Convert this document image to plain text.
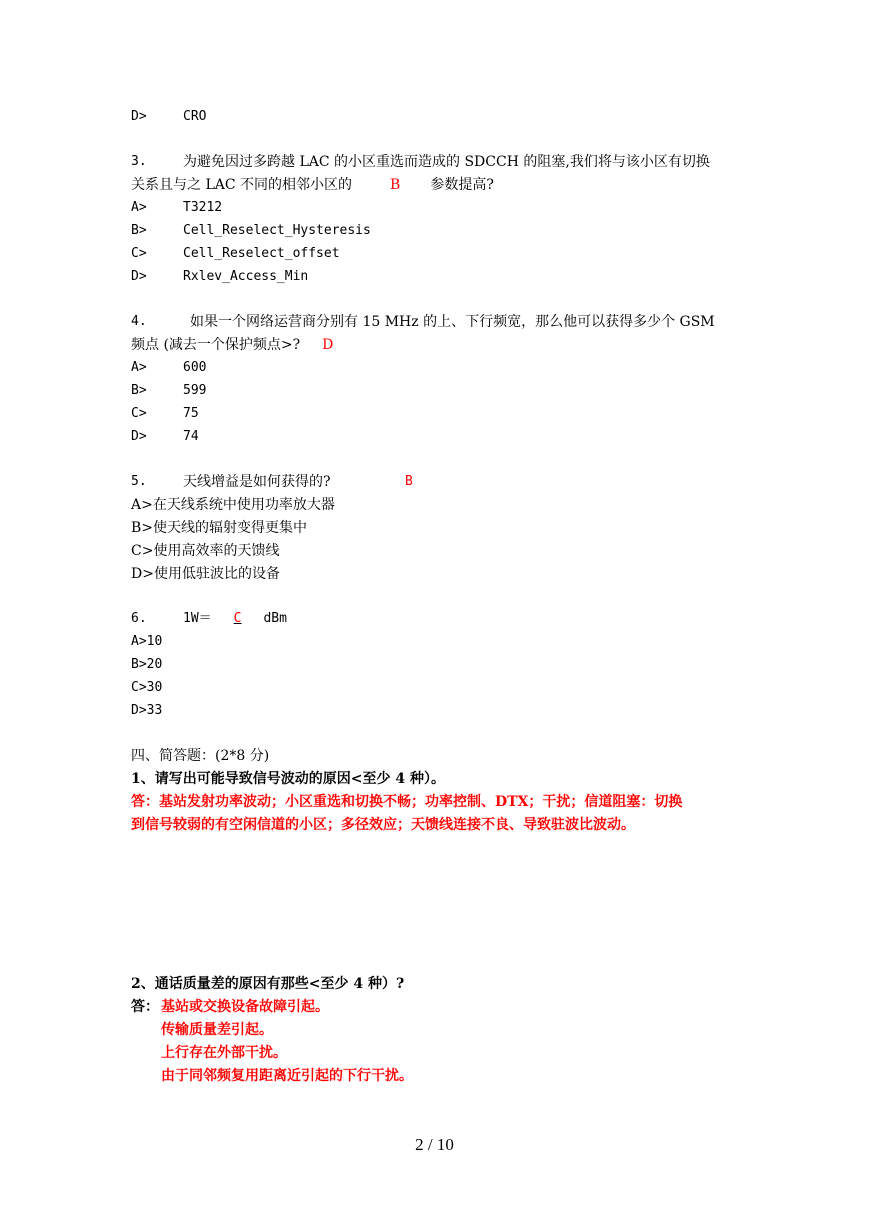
D>	CRO
3.	为避免因过多跨越 LAC 的小区重选而造成的 SDCCH 的阻塞,我们将与该小区有切换
关系且与之 LAC 不同的相邻小区的	B 参数提高?
A>	T3212
B>	Cell_Reselect_Hysteresis
C>	Cell_Reselect_offset
D>	Rxlev_Access_Min
4.	如果一个网络运营商分别有 15 MHz 的上、下行频宽，那么他可以获得多少个 GSM
频点 (减去一个保护频点>? D
A>	600
B>	599
C>	75
D>	74
5.	天线增益是如何获得的?	B
A>在天线系统中使用功率放大器
B>使天线的辐射变得更集中
C>使用高效率的天馈线
D>使用低驻波比的设备
6.	1W＝ C dBm
A>10
B>20
C>30
D>33
四、简答题：(2*8 分)
1、请写出可能导致信号波动的原因<至少 4 种）。
答：基站发射功率波动；小区重选和切换不畅；功率控制、DTX；干扰；信道阻塞：切换
到信号较弱的有空闲信道的小区；多径效应；天馈线连接不良、导致驻波比波动。
2、通话质量差的原因有那些<至少 4 种）?
答： 基站或交换设备故障引起。
传输质量差引起。
上行存在外部干扰。
由于同邻频复用距离近引起的下行干扰。
2 / 10
